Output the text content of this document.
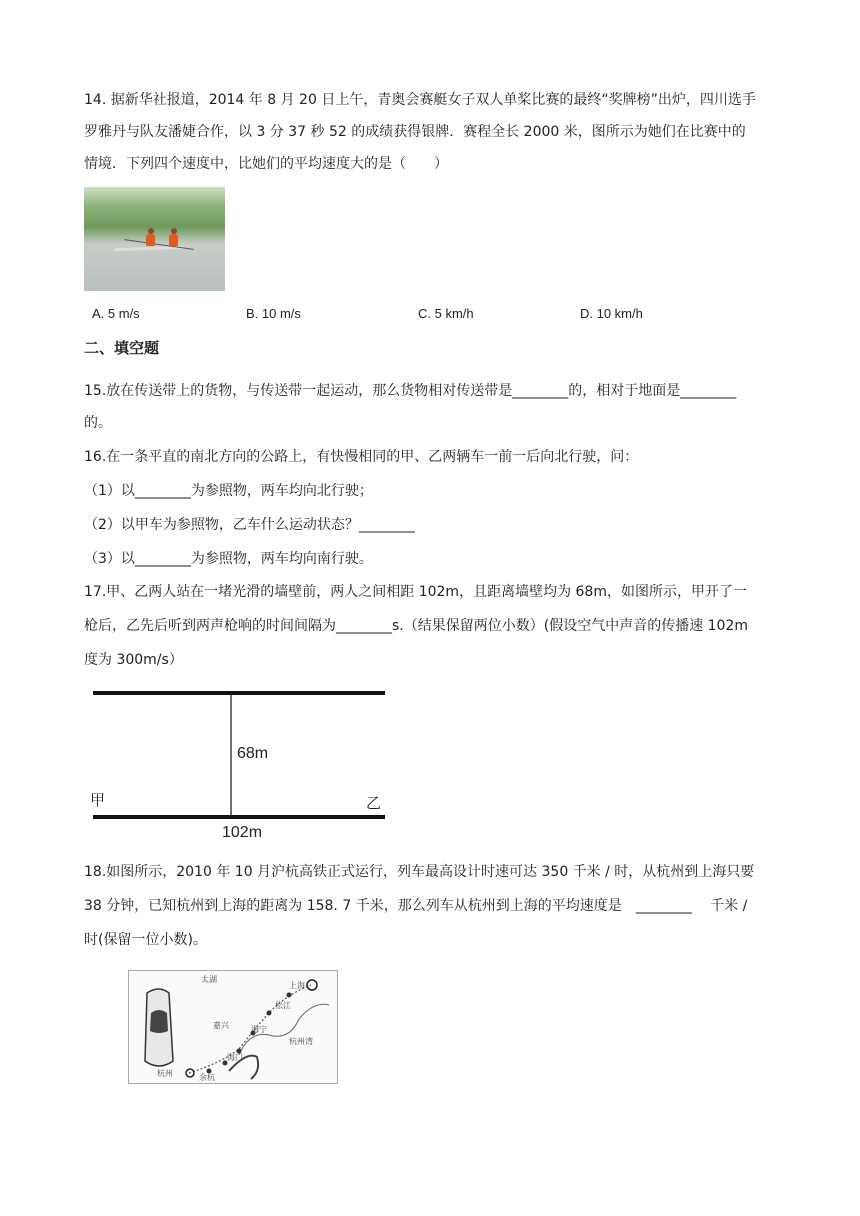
14. 据新华社报道，2014 年 8 月 20 日上午，青奥会赛艇女子双人单桨比赛的最终“奖牌榜”出炉，四川选手
罗雅丹与队友潘婕合作，以 3 分 37 秒 52 的成绩获得银牌．赛程全长 2000 米，图所示为她们在比赛中的
情境．下列四个速度中，比她们的平均速度大的是（　　）
A. 5 m/s	B. 10 m/s	C. 5 km/h	D. 10 km/h
二、填空题
15.放在传送带上的货物，与传送带一起运动，那么货物相对传送带是________的，相对于地面是________
的。
16.在一条平直的南北方向的公路上，有快慢相同的甲、乙两辆车一前一后向北行驶，问：
（1）以________为参照物，两车均向北行驶；
（2）以甲车为参照物，乙车什么运动状态？________
（3）以________为参照物，两车均向南行驶。
17.甲、乙两人站在一堵光滑的墙壁前，两人之间相距 102m，且距离墙壁均为 68m，如图所示，甲开了一
枪后，乙先后听到两声枪响的时间间隔为________s.（结果保留两位小数）(假设空气中声音的传播速 102m
度为 300m/s）
68m
甲	乙
102m
18.如图所示，2010 年 10 月沪杭高铁正式运行，列车最高设计时速可达 350 千米 / 时，从杭州到上海只要
38 分钟，已知杭州到上海的距离为 158. 7 千米，那么列车从杭州到上海的平均速度是　________　 千米 /
时(保留一位小数)。
太湖
上海
松江
嘉兴	海宁
杭州湾
杭州	余杭
海门
